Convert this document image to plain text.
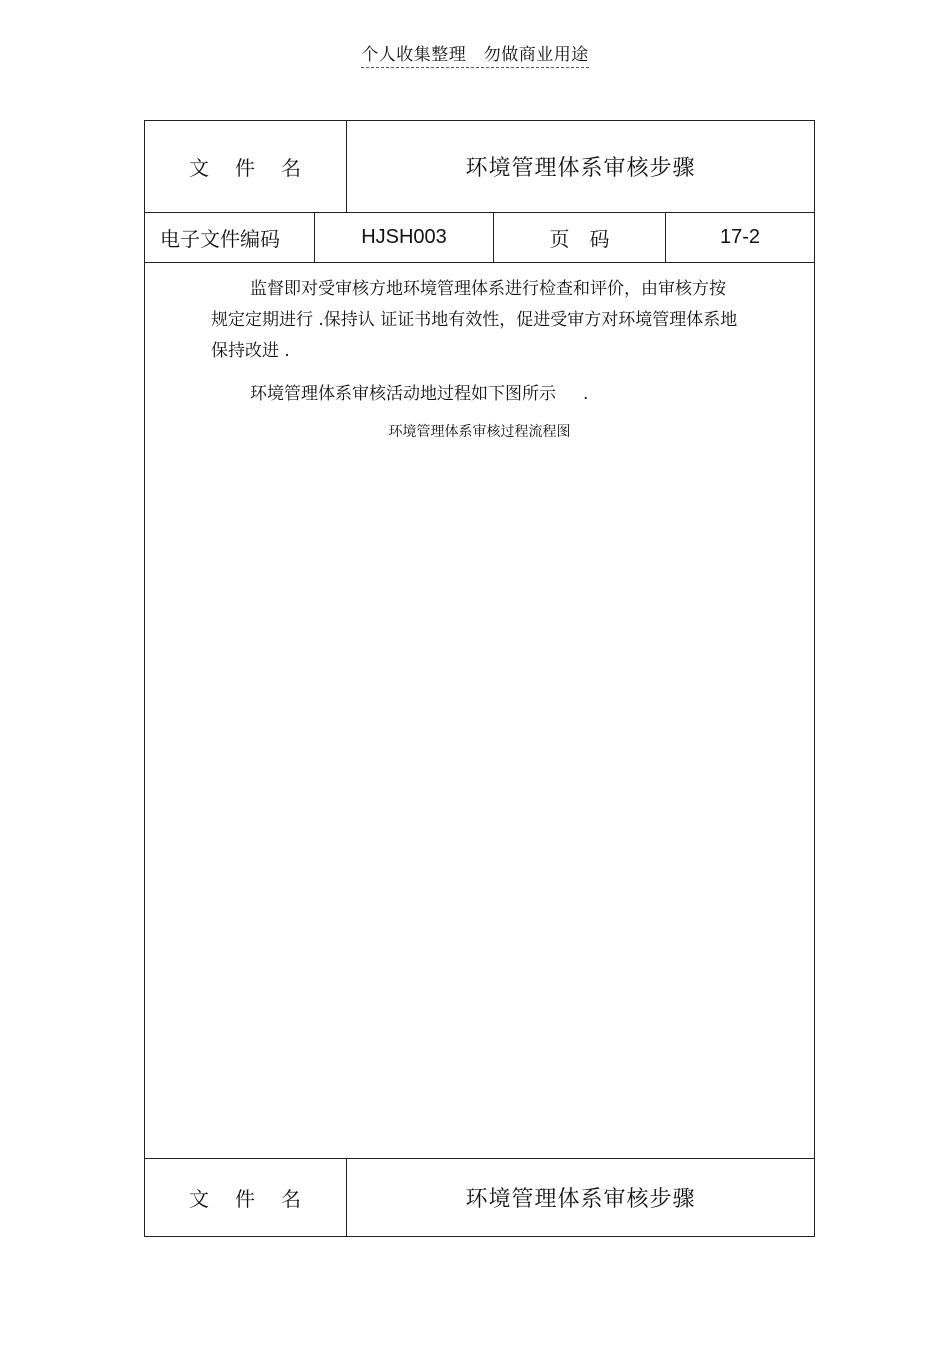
个人收集整理　勿做商业用途
文件名	环境管理体系审核步骤
电子文件编码	HJSH003	页码	17-2
监督即对受审核方地环境管理体系进行检查和评价，由审核方按
规定定期进行 .保持认 证证书地有效性，促进受审方对环境管理体系地
保持改进 .
环境管理体系审核活动地过程如下图所示     .
环境管理体系审核过程流程图
文件名	环境管理体系审核步骤
